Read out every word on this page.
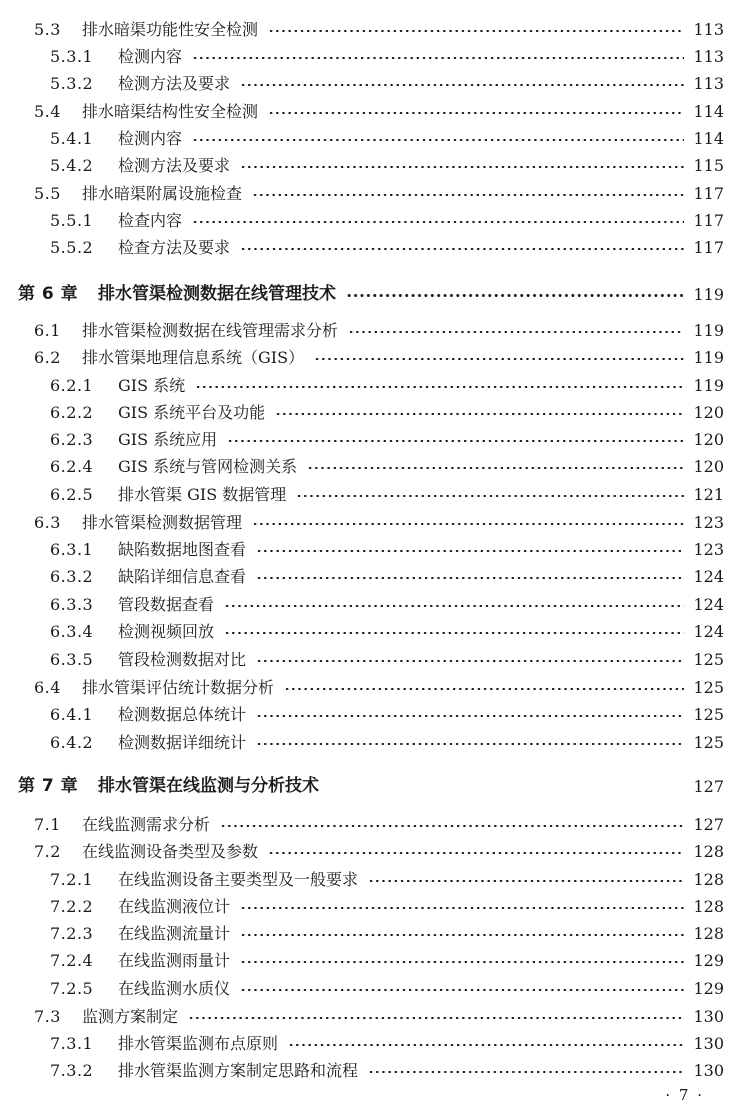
5.3	排水暗渠功能性安全检测	113
5.3.1	检测内容	113
5.3.2	检测方法及要求	113
5.4	排水暗渠结构性安全检测	114
5.4.1	检测内容	114
5.4.2	检测方法及要求	115
5.5	排水暗渠附属设施检查	117
5.5.1	检查内容	117
5.5.2	检查方法及要求	117
第 6 章	排水管渠检测数据在线管理技术	119
6.1	排水管渠检测数据在线管理需求分析	119
6.2	排水管渠地理信息系统（GIS）	119
6.2.1	GIS 系统	119
6.2.2	GIS 系统平台及功能	120
6.2.3	GIS 系统应用	120
6.2.4	GIS 系统与管网检测关系	120
6.2.5	排水管渠 GIS 数据管理	121
6.3	排水管渠检测数据管理	123
6.3.1	缺陷数据地图查看	123
6.3.2	缺陷详细信息查看	124
6.3.3	管段数据查看	124
6.3.4	检测视频回放	124
6.3.5	管段检测数据对比	125
6.4	排水管渠评估统计数据分析	125
6.4.1	检测数据总体统计	125
6.4.2	检测数据详细统计	125
第 7 章	排水管渠在线监测与分析技术	127
7.1	在线监测需求分析	127
7.2	在线监测设备类型及参数	128
7.2.1	在线监测设备主要类型及一般要求	128
7.2.2	在线监测液位计	128
7.2.3	在线监测流量计	128
7.2.4	在线监测雨量计	129
7.2.5	在线监测水质仪	129
7.3	监测方案制定	130
7.3.1	排水管渠监测布点原则	130
7.3.2	排水管渠监测方案制定思路和流程	130
· 7 ·
